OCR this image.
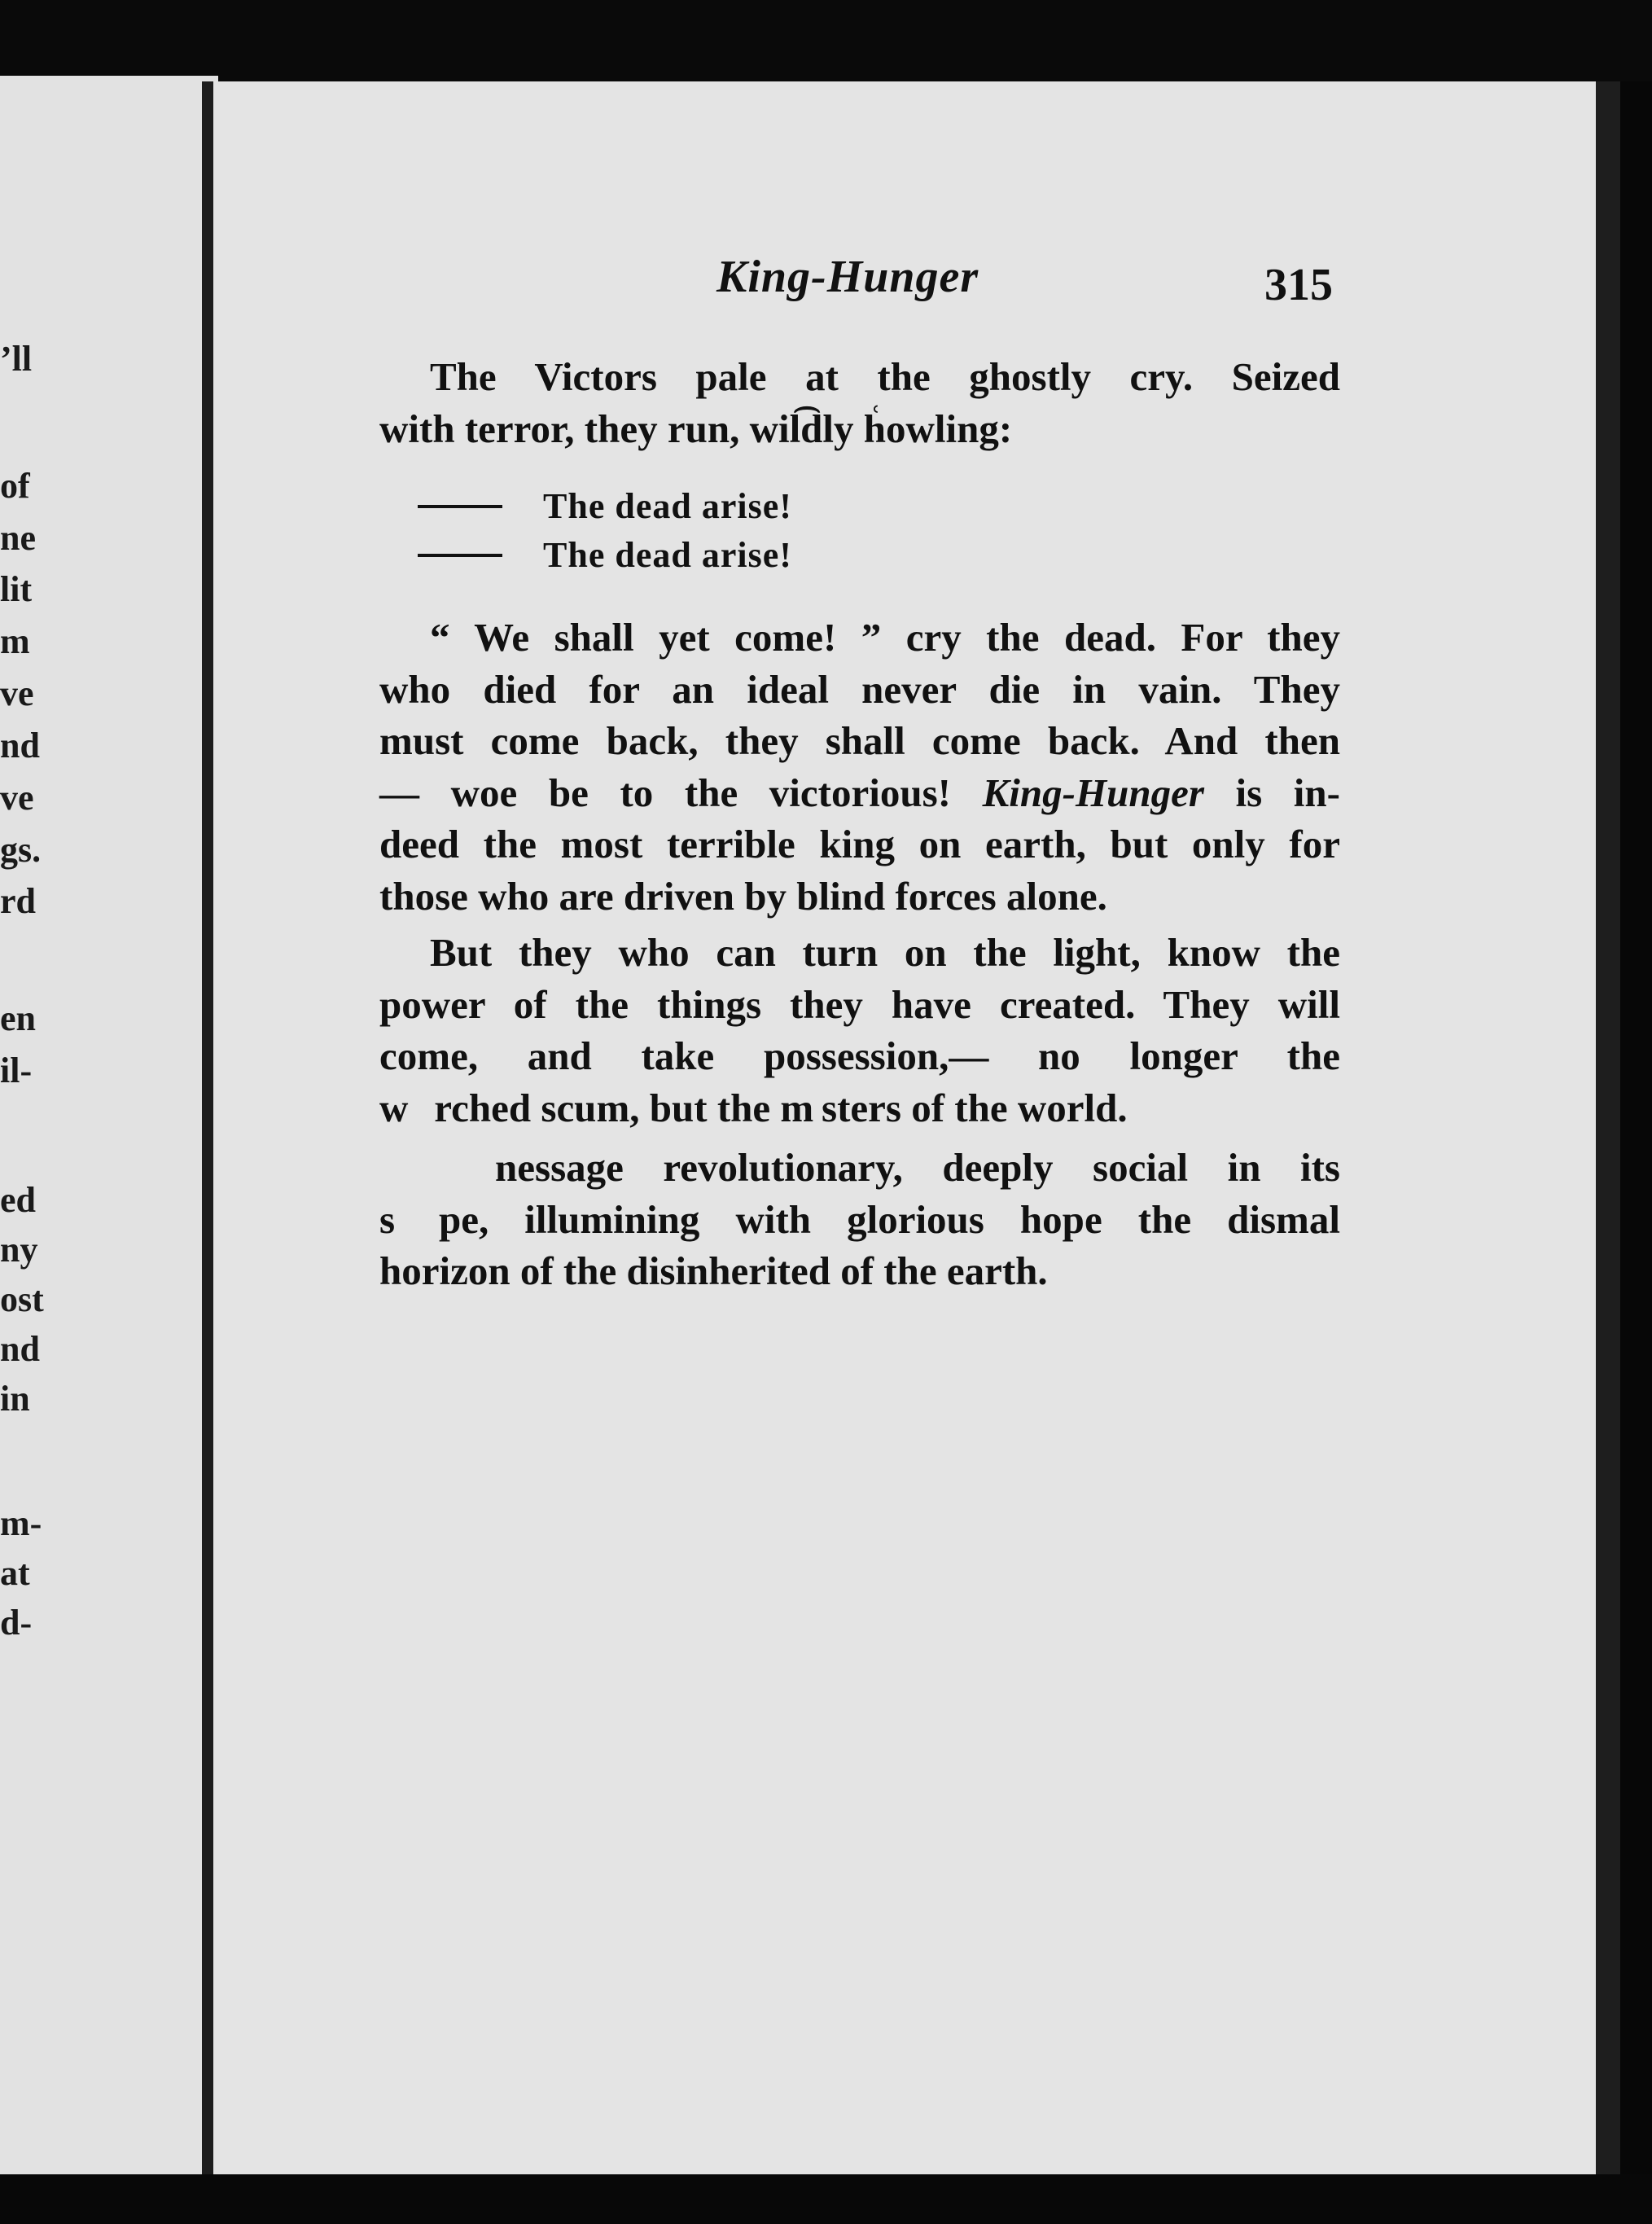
’ll
of
ne
lit
m
ve
nd
ve
gs.
rd
en
il-
ed
ny
ost
nd
in
m-
at
d-
King-Hunger	315
The Victors pale at the ghostly cry. Seized
with terror, they run, wil͡dly h͑owling:
The dead arise!
The dead arise!
“ We shall yet come! ” cry the dead. For they
who died for an ideal never die in vain. They
must come back, they shall come back. And then
— woe be to the victorious! King-Hunger is in-
deed the most terrible king on earth, but only for
those who are driven by blind forces alone.
But they who can turn on the light, know the
power of the things they have created. They will
come, and take possession,— no longer the
w   rched scum, but the m sters of the world.
nessage revolutionary, deeply social in its
s  pe, illumining with glorious hope the dismal
horizon of the disinherited of the earth.
